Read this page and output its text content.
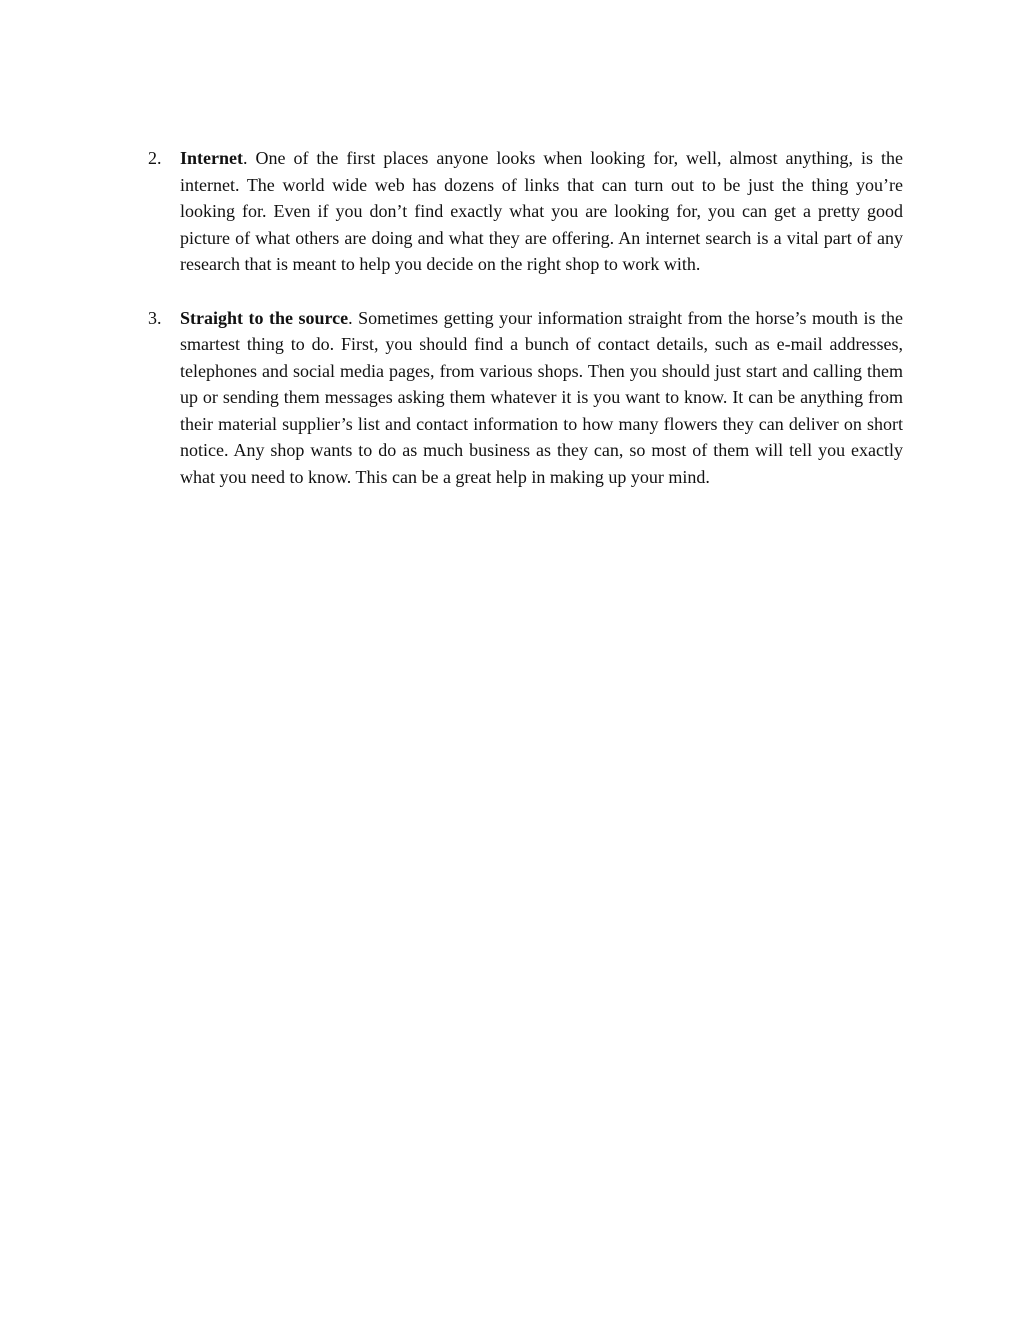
2.	Internet. One of the first places anyone looks when looking for, well, almost anything, is the internet. The world wide web has dozens of links that can turn out to be just the thing you’re looking for. Even if you don’t find exactly what you are looking for, you can get a pretty good picture of what others are doing and what they are offering. An internet search is a vital part of any research that is meant to help you decide on the right shop to work with.

3.	Straight to the source. Sometimes getting your information straight from the horse’s mouth is the smartest thing to do. First, you should find a bunch of contact details, such as e-mail addresses, telephones and social media pages, from various shops. Then you should just start and calling them up or sending them messages asking them whatever it is you want to know. It can be anything from their material supplier’s list and contact information to how many flowers they can deliver on short notice. Any shop wants to do as much business as they can, so most of them will tell you exactly what you need to know. This can be a great help in making up your mind.
